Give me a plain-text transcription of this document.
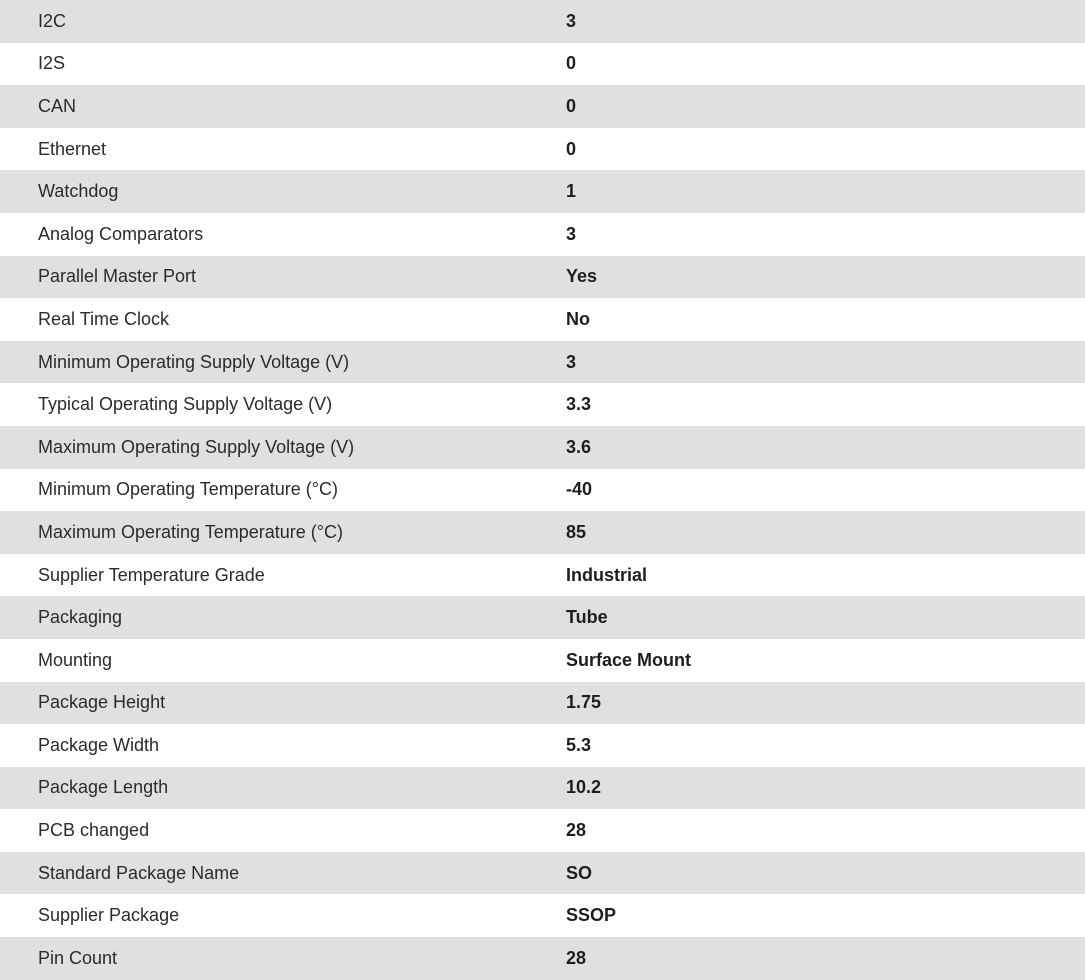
I2C	3
I2S	0
CAN	0
Ethernet	0
Watchdog	1
Analog Comparators	3
Parallel Master Port	Yes
Real Time Clock	No
Minimum Operating Supply Voltage (V)	3
Typical Operating Supply Voltage (V)	3.3
Maximum Operating Supply Voltage (V)	3.6
Minimum Operating Temperature (°C)	-40
Maximum Operating Temperature (°C)	85
Supplier Temperature Grade	Industrial
Packaging	Tube
Mounting	Surface Mount
Package Height	1.75
Package Width	5.3
Package Length	10.2
PCB changed	28
Standard Package Name	SO
Supplier Package	SSOP
Pin Count	28
